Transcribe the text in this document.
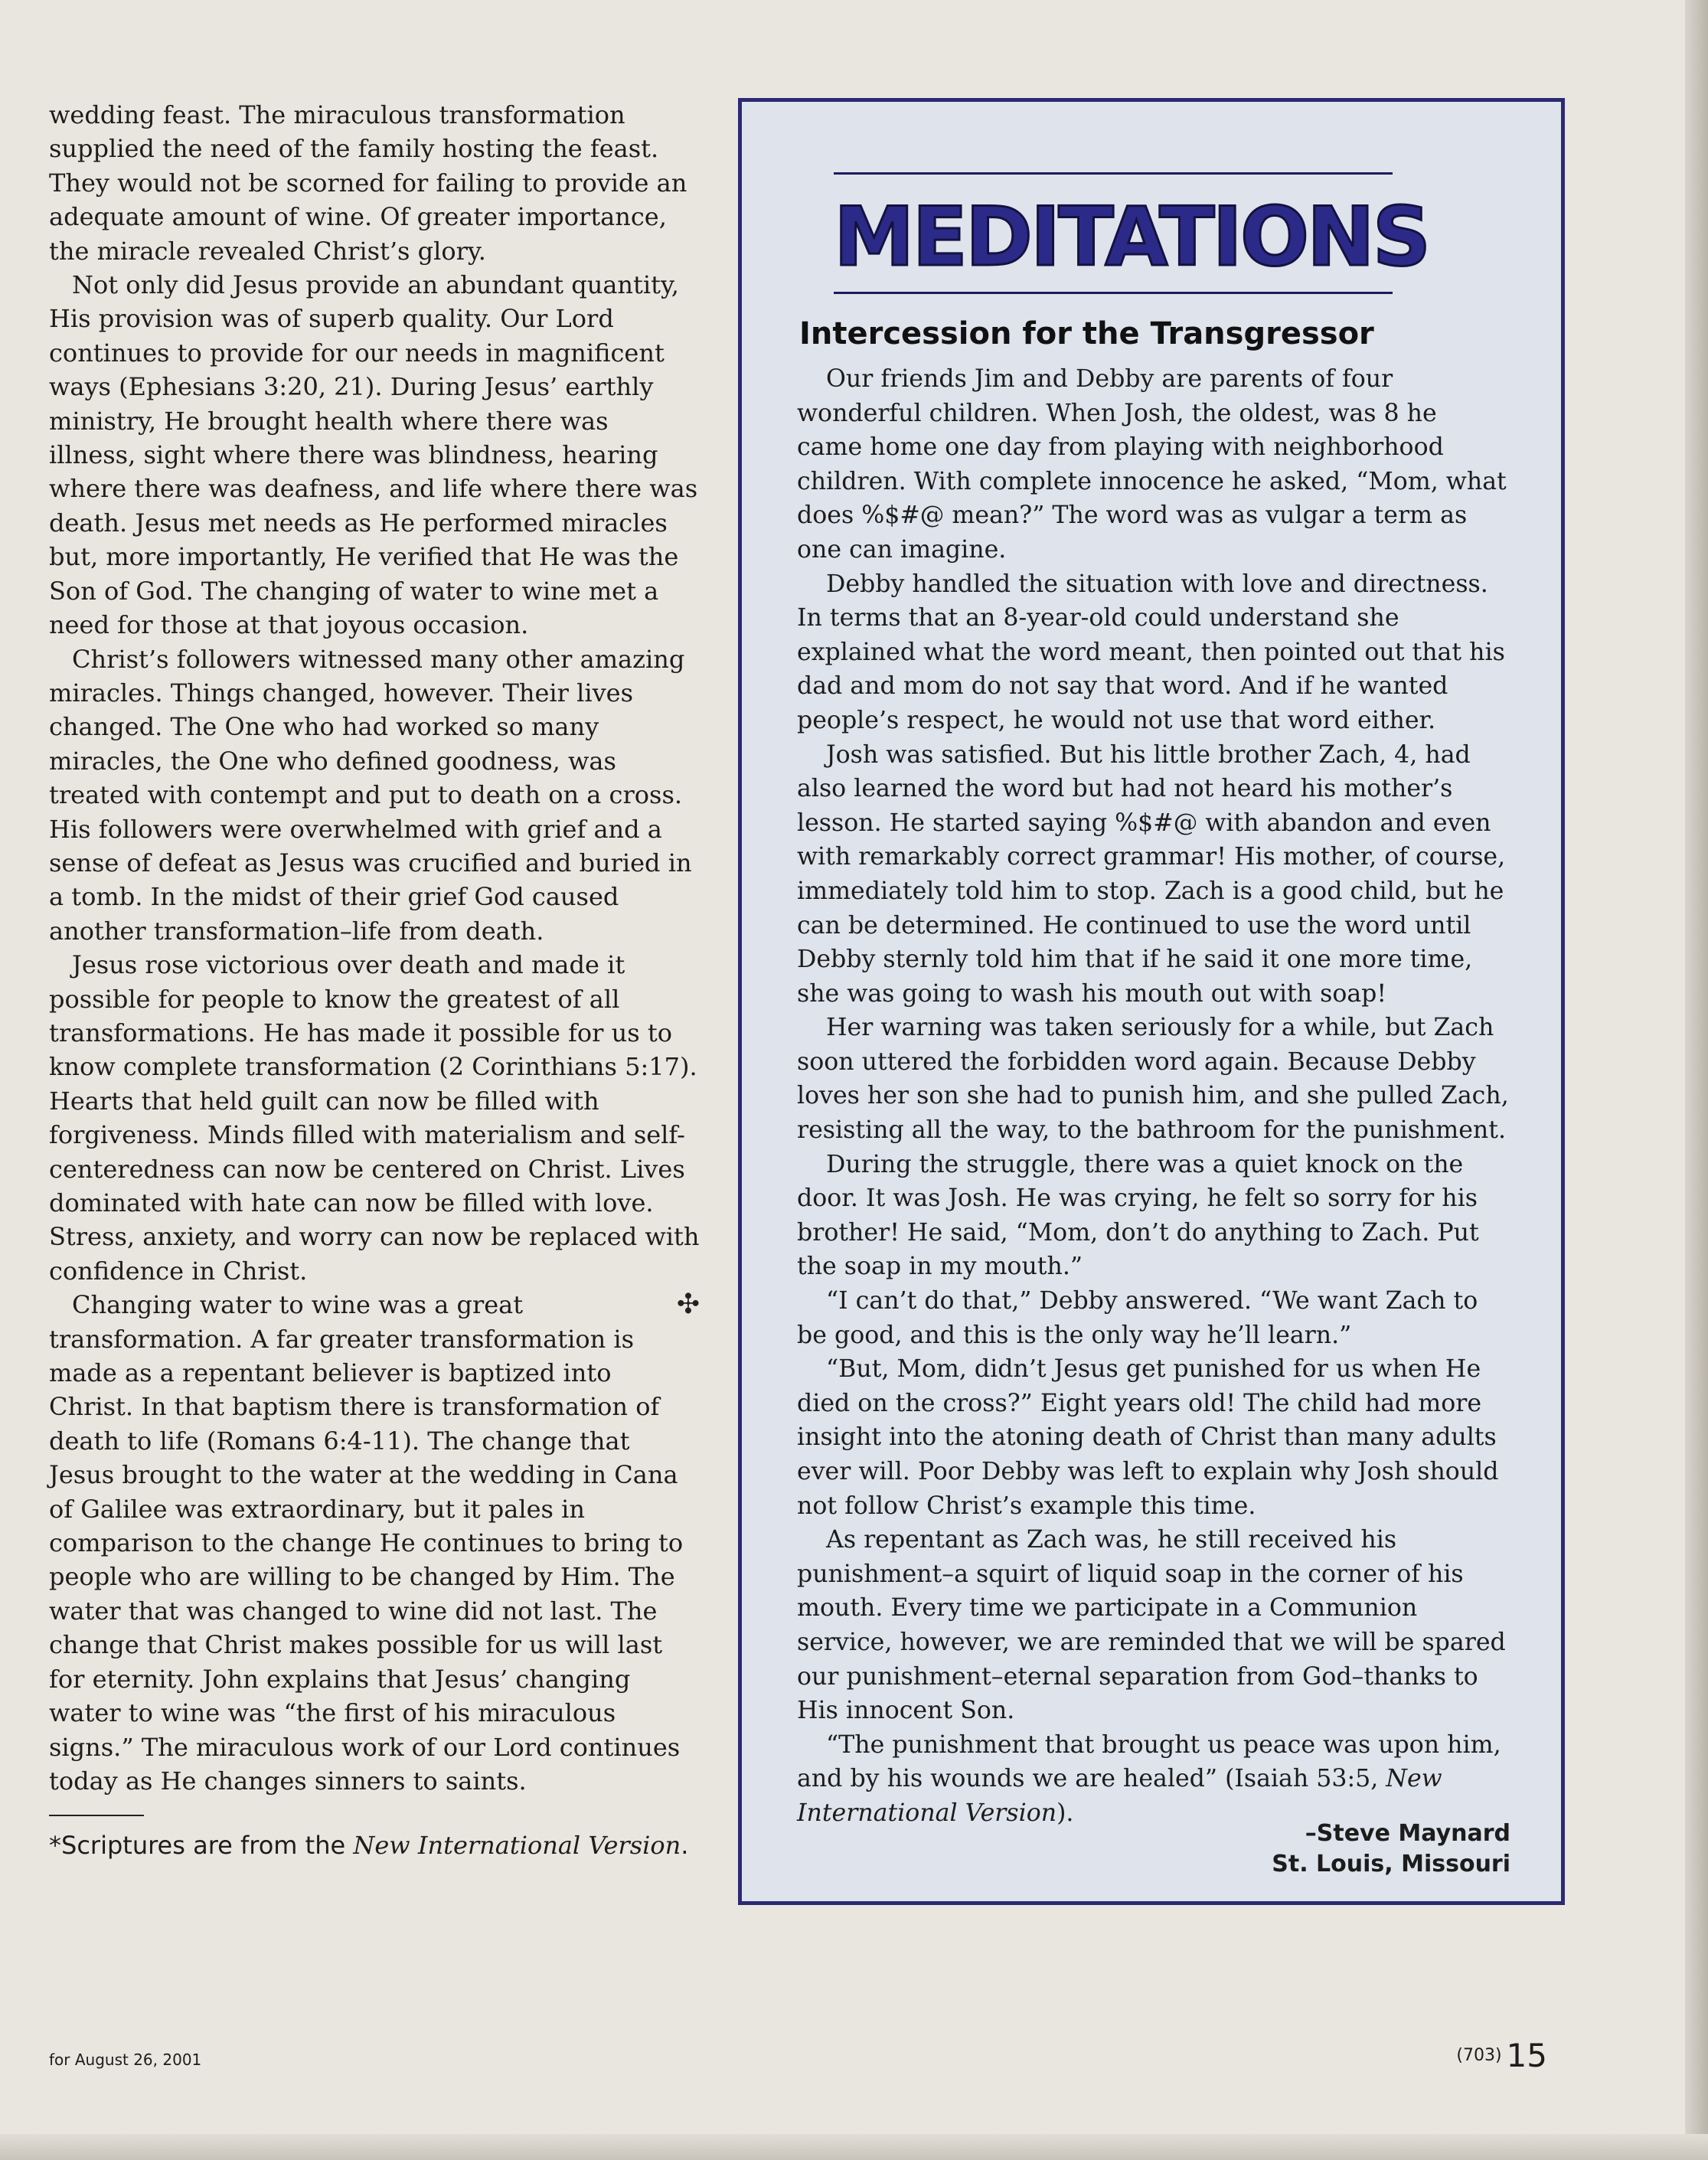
wedding feast. The miraculous transformation supplied the need of the family hosting the feast. They would not be scorned for failing to provide an adequate amount of wine. Of greater importance, the miracle revealed Christ’s glory.

Not only did Jesus provide an abundant quantity, His provision was of superb quality. Our Lord continues to provide for our needs in magnificent ways (Ephesians 3:20, 21). During Jesus’ earthly ministry, He brought health where there was illness, sight where there was blindness, hearing where there was deafness, and life where there was death. Jesus met needs as He performed miracles but, more importantly, He verified that He was the Son of God. The changing of water to wine met a need for those at that joyous occasion.

Christ’s followers witnessed many other amazing miracles. Things changed, however. Their lives changed. The One who had worked so many miracles, the One who defined goodness, was treated with contempt and put to death on a cross. His followers were overwhelmed with grief and a sense of defeat as Jesus was crucified and buried in a tomb. In the midst of their grief God caused another transformation–life from death.

Jesus rose victorious over death and made it possible for people to know the greatest of all transformations. He has made it possible for us to know complete transformation (2 Corinthians 5:17). Hearts that held guilt can now be filled with forgiveness. Minds filled with materialism and self-centeredness can now be centered on Christ. Lives dominated with hate can now be filled with love. Stress, anxiety, and worry can now be replaced with confidence in Christ.

✣
Changing water to wine was a great transformation. A far greater transformation is made as a repentant believer is baptized into Christ. In that baptism there is transformation of death to life (Romans 6:4-11). The change that Jesus brought to the water at the wedding in Cana of Galilee was extraordinary, but it pales in comparison to the change He continues to bring to people who are willing to be changed by Him. The water that was changed to wine did not last. The change that Christ makes possible for us will last for eternity. John explains that Jesus’ changing water to wine was “the first of his miraculous signs.” The miraculous work of our Lord continues today as He changes sinners to saints.

*Scriptures are from the New International Version.

MEDITATIONS
Intercession for the Transgressor

Our friends Jim and Debby are parents of four wonderful children. When Josh, the oldest, was 8 he came home one day from playing with neighborhood children. With complete innocence he asked, “Mom, what does %$#@ mean?” The word was as vulgar a term as one can imagine.

Debby handled the situation with love and directness. In terms that an 8-year-old could understand she explained what the word meant, then pointed out that his dad and mom do not say that word. And if he wanted people’s respect, he would not use that word either.

Josh was satisfied. But his little brother Zach, 4, had also learned the word but had not heard his mother’s lesson. He started saying %$#@ with abandon and even with remarkably correct grammar! His mother, of course, immediately told him to stop. Zach is a good child, but he can be determined. He continued to use the word until Debby sternly told him that if he said it one more time, she was going to wash his mouth out with soap!

Her warning was taken seriously for a while, but Zach soon uttered the forbidden word again. Because Debby loves her son she had to punish him, and she pulled Zach, resisting all the way, to the bathroom for the punishment.

During the struggle, there was a quiet knock on the door. It was Josh. He was crying, he felt so sorry for his brother! He said, “Mom, don’t do anything to Zach. Put the soap in my mouth.”

“I can’t do that,” Debby answered. “We want Zach to be good, and this is the only way he’ll learn.”

“But, Mom, didn’t Jesus get punished for us when He died on the cross?” Eight years old! The child had more insight into the atoning death of Christ than many adults ever will. Poor Debby was left to explain why Josh should not follow Christ’s example this time.

As repentant as Zach was, he still received his punishment–a squirt of liquid soap in the corner of his mouth. Every time we participate in a Communion service, however, we are reminded that we will be spared our punishment–eternal separation from God–thanks to His innocent Son.

“The punishment that brought us peace was upon him, and by his wounds we are healed” (Isaiah 53:5, New International Version).

–Steve Maynard
St. Louis, Missouri
for August 26, 2001	(703) 15
